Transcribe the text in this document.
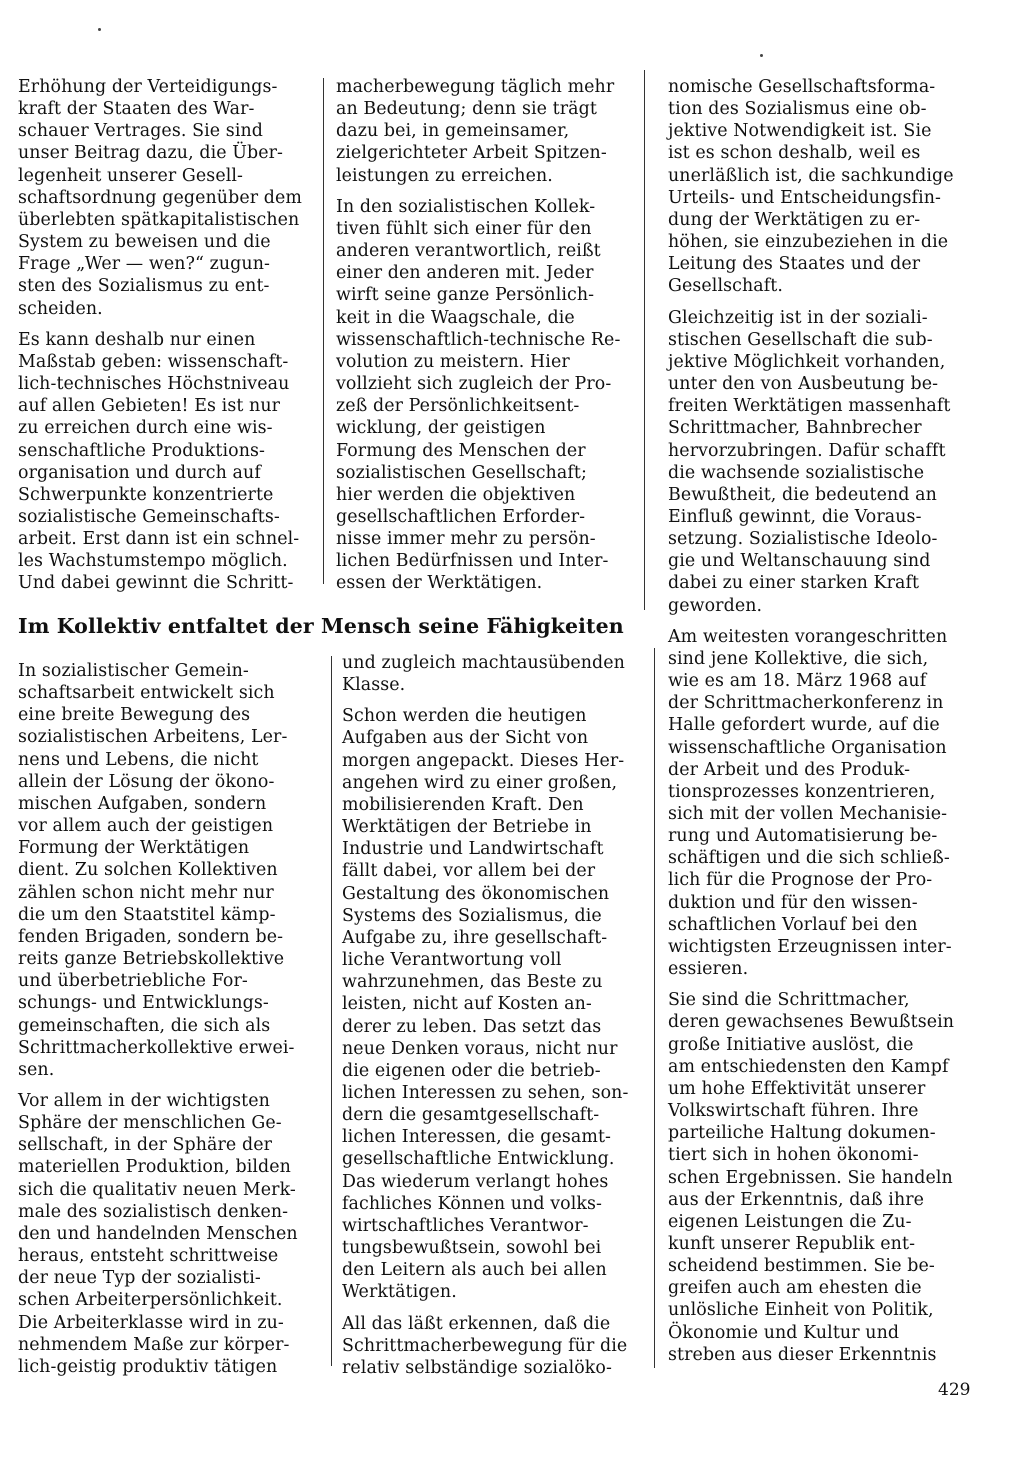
Erhöhung der Verteidigungs-
kraft der Staaten des War-
schauer Vertrages. Sie sind
unser Beitrag dazu, die Über-
legenheit unserer Gesell-
schaftsordnung gegenüber dem
überlebten spätkapitalistischen
System zu beweisen und die
Frage „Wer — wen?“ zugun-
sten des Sozialismus zu ent-
scheiden.

Es kann deshalb nur einen
Maßstab geben: wissenschaft-
lich-technisches Höchstniveau
auf allen Gebieten! Es ist nur
zu erreichen durch eine wis-
senschaftliche Produktions-
organisation und durch auf
Schwerpunkte konzentrierte
sozialistische Gemeinschafts-
arbeit. Erst dann ist ein schnel-
les Wachstumstempo möglich.
Und dabei gewinnt die Schritt-

macherbewegung täglich mehr
an Bedeutung; denn sie trägt
dazu bei, in gemeinsamer,
zielgerichteter Arbeit Spitzen-
leistungen zu erreichen.

In den sozialistischen Kollek-
tiven fühlt sich einer für den
anderen verantwortlich, reißt
einer den anderen mit. Jeder
wirft seine ganze Persönlich-
keit in die Waagschale, die
wissenschaftlich-technische Re-
volution zu meistern. Hier
vollzieht sich zugleich der Pro-
zeß der Persönlichkeitsent-
wicklung, der geistigen
Formung des Menschen der
sozialistischen Gesellschaft;
hier werden die objektiven
gesellschaftlichen Erforder-
nisse immer mehr zu persön-
lichen Bedürfnissen und Inter-
essen der Werktätigen.

nomische Gesellschaftsforma-
tion des Sozialismus eine ob-
jektive Notwendigkeit ist. Sie
ist es schon deshalb, weil es
unerläßlich ist, die sachkundige
Urteils- und Entscheidungsfin-
dung der Werktätigen zu er-
höhen, sie einzubeziehen in die
Leitung des Staates und der
Gesellschaft.

Gleichzeitig ist in der soziali-
stischen Gesellschaft die sub-
jektive Möglichkeit vorhanden,
unter den von Ausbeutung be-
freiten Werktätigen massenhaft
Schrittmacher, Bahnbrecher
hervorzubringen. Dafür schafft
die wachsende sozialistische
Bewußtheit, die bedeutend an
Einfluß gewinnt, die Voraus-
setzung. Sozialistische Ideolo-
gie und Weltanschauung sind
dabei zu einer starken Kraft
geworden.

Am weitesten vorangeschritten
sind jene Kollektive, die sich,
wie es am 18. März 1968 auf
der Schrittmacherkonferenz in
Halle gefordert wurde, auf die
wissenschaftliche Organisation
der Arbeit und des Produk-
tionsprozesses konzentrieren,
sich mit der vollen Mechanisie-
rung und Automatisierung be-
schäftigen und die sich schließ-
lich für die Prognose der Pro-
duktion und für den wissen-
schaftlichen Vorlauf bei den
wichtigsten Erzeugnissen inter-
essieren.

Sie sind die Schrittmacher,
deren gewachsenes Bewußtsein
große Initiative auslöst, die
am entschiedensten den Kampf
um hohe Effektivität unserer
Volkswirtschaft führen. Ihre
parteiliche Haltung dokumen-
tiert sich in hohen ökonomi-
schen Ergebnissen. Sie handeln
aus der Erkenntnis, daß ihre
eigenen Leistungen die Zu-
kunft unserer Republik ent-
scheidend bestimmen. Sie be-
greifen auch am ehesten die
unlösliche Einheit von Politik,
Ökonomie und Kultur und
streben aus dieser Erkenntnis

Im Kollektiv entfaltet der Mensch seine Fähigkeiten

In sozialistischer Gemein-
schaftsarbeit entwickelt sich
eine breite Bewegung des
sozialistischen Arbeitens, Ler-
nens und Lebens, die nicht
allein der Lösung der ökono-
mischen Aufgaben, sondern
vor allem auch der geistigen
Formung der Werktätigen
dient. Zu solchen Kollektiven
zählen schon nicht mehr nur
die um den Staatstitel kämp-
fenden Brigaden, sondern be-
reits ganze Betriebskollektive
und überbetriebliche For-
schungs- und Entwicklungs-
gemeinschaften, die sich als
Schrittmacherkollektive erwei-
sen.

Vor allem in der wichtigsten
Sphäre der menschlichen Ge-
sellschaft, in der Sphäre der
materiellen Produktion, bilden
sich die qualitativ neuen Merk-
male des sozialistisch denken-
den und handelnden Menschen
heraus, entsteht schrittweise
der neue Typ der sozialisti-
schen Arbeiterpersönlichkeit.
Die Arbeiterklasse wird in zu-
nehmendem Maße zur körper-
lich-geistig produktiv tätigen

und zugleich machtausübenden
Klasse.

Schon werden die heutigen
Aufgaben aus der Sicht von
morgen angepackt. Dieses Her-
angehen wird zu einer großen,
mobilisierenden Kraft. Den
Werktätigen der Betriebe in
Industrie und Landwirtschaft
fällt dabei, vor allem bei der
Gestaltung des ökonomischen
Systems des Sozialismus, die
Aufgabe zu, ihre gesellschaft-
liche Verantwortung voll
wahrzunehmen, das Beste zu
leisten, nicht auf Kosten an-
derer zu leben. Das setzt das
neue Denken voraus, nicht nur
die eigenen oder die betrieb-
lichen Interessen zu sehen, son-
dern die gesamtgesellschaft-
lichen Interessen, die gesamt-
gesellschaftliche Entwicklung.
Das wiederum verlangt hohes
fachliches Können und volks-
wirtschaftliches Verantwor-
tungsbewußtsein, sowohl bei
den Leitern als auch bei allen
Werktätigen.

All das läßt erkennen, daß die
Schrittmacherbewegung für die
relativ selbständige sozialöko-

429
